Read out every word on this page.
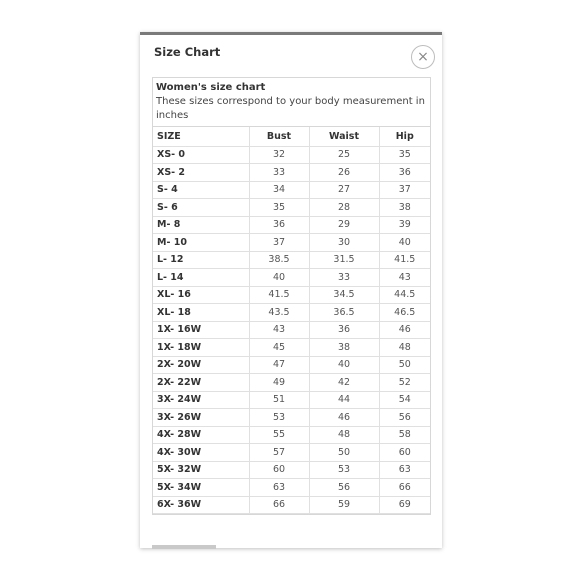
Size Chart	×
Women's size chart
These sizes correspond to your body measurement in inches
SIZE	Bust	Waist	Hip
XS- 0	32	25	35
XS- 2	33	26	36
S- 4	34	27	37
S- 6	35	28	38
M- 8	36	29	39
M- 10	37	30	40
L- 12	38.5	31.5	41.5
L- 14	40	33	43
XL- 16	41.5	34.5	44.5
XL- 18	43.5	36.5	46.5
1X- 16W	43	36	46
1X- 18W	45	38	48
2X- 20W	47	40	50
2X- 22W	49	42	52
3X- 24W	51	44	54
3X- 26W	53	46	56
4X- 28W	55	48	58
4X- 30W	57	50	60
5X- 32W	60	53	63
5X- 34W	63	56	66
6X- 36W	66	59	69
